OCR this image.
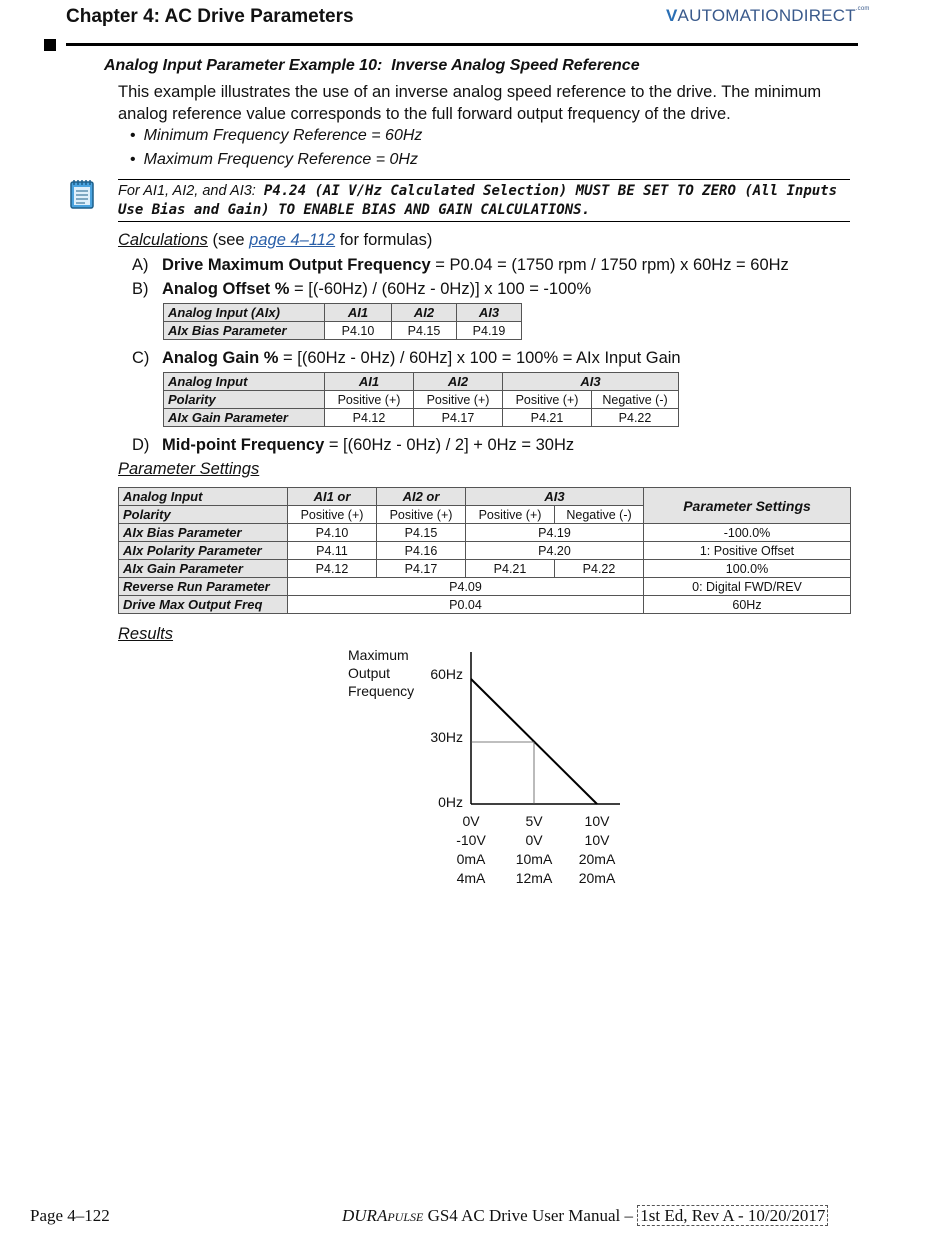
Chapter 4: AC Drive Parameters	$VAUTOMATIONDIRECT^{.com}$
Analog Input Parameter Example 10: Inverse Analog Speed Reference
This example illustrates the use of an inverse analog speed reference to the drive. The minimum analog reference value corresponds to the full forward output frequency of the drive.
• Minimum Frequency Reference = 60Hz
• Maximum Frequency Reference = 0Hz
For AI1, AI2, and AI3: P4.24 (AI V/Hz Calculated Selection) MUST BE SET TO ZERO (All Inputs Use Bias and Gain) TO ENABLE BIAS AND GAIN CALCULATIONS.
Calculations (see page 4–112 for formulas)
A) Drive Maximum Output Frequency = P0.04 = (1750 rpm / 1750 rpm) x 60Hz = 60Hz
B) Analog Offset % = [(-60Hz) / (60Hz - 0Hz)] x 100 = -100%
Analog Input (AIx)	AI1	AI2	AI3
AIx Bias Parameter	P4.10	P4.15	P4.19
C) Analog Gain % = [(60Hz - 0Hz) / 60Hz] x 100 = 100% = AIx Input Gain
Analog Input	AI1	AI2	AI3	
Polarity	Positive (+)	Positive (+)	Positive (+)	Negative (-)
AIx Gain Parameter	P4.12	P4.17	P4.21	P4.22
D) Mid-point Frequency = [(60Hz - 0Hz) / 2] + 0Hz = 30Hz
Parameter Settings
Analog Input	AI1 or	AI2 or	AI3		Parameter Settings
Polarity	Positive (+)	Positive (+)	Positive (+)	Negative (-)	
AIx Bias Parameter	P4.10	P4.15	P4.19		-100.0%
AIx Polarity Parameter	P4.11	P4.16	P4.20		1: Positive Offset
AIx Gain Parameter	P4.12	P4.17	P4.21	P4.22	100.0%
Reverse Run Parameter	P4.09				0: Digital FWD/REV
Drive Max Output Freq	P0.04				60Hz
Results
Maximum
Output
Frequency
60Hz
30Hz
0Hz
0V	5V	10V
-10V	0V	10V
0mA 10mA 20mA
4mA 12mA 20mA
Page 4–122	DURAPULSE GS4 AC Drive User Manual – 1st Ed, Rev A - 10/20/2017
